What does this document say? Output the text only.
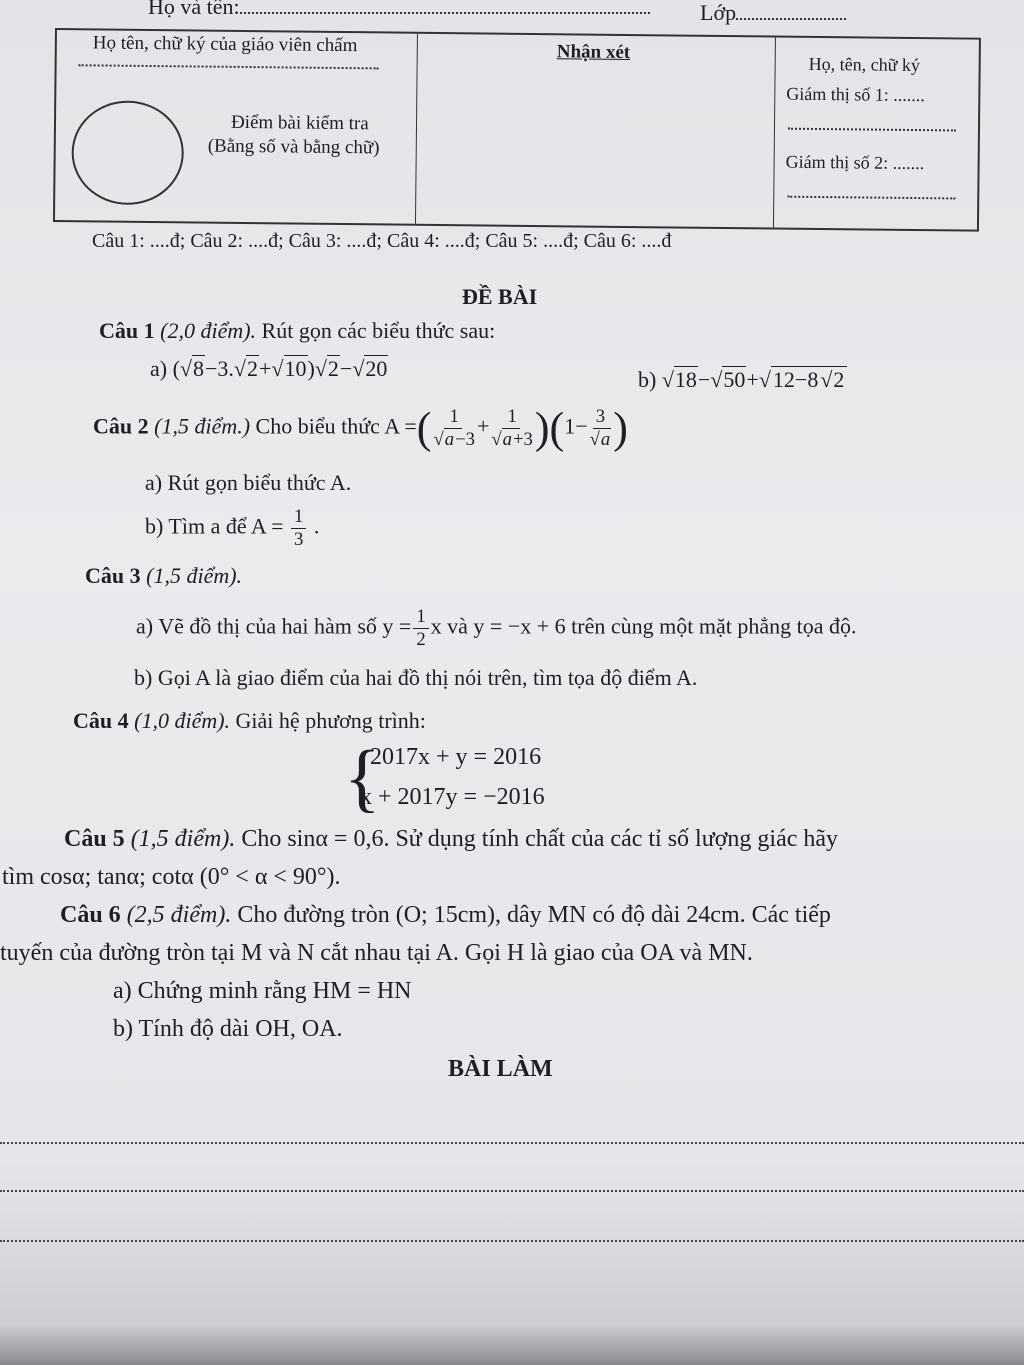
Họ và tên:	Lớp
Họ tên, chữ ký của giáo viên chấm
Điểm bài kiểm tra
(Bằng số và bằng chữ)
Nhận xét
Họ, tên, chữ ký
Giám thị số 1: .......
Giám thị số 2: .......
Câu 1: ....đ; Câu 2: ....đ; Câu 3: ....đ; Câu 4: ....đ; Câu 5: ....đ; Câu 6: ....đ
ĐỀ BÀI
Câu 1 (2,0 điểm). Rút gọn các biểu thức sau:
a) ( √ 8−3. √ 2+ √ 10) √ 2− √ 20	b) √ 18− √ 50+ √ 12−8 √ 2
Câu 2 (1,5 điểm.) Cho biểu thức A =( 1
√ a−3 + 1
√ a+3 )(1− 3
√ a )
a) Rút gọn biểu thức A.
b) Tìm a để $A = \frac{1}{3}$ .
Câu 3 (1,5 điểm).
a) Vẽ đồ thị của hai hàm số $y = \frac{1}{2}$ x và y = −x + 6 trên cùng một mặt phẳng tọa độ.
b) Gọi A là giao điểm của hai đồ thị nói trên, tìm tọa độ điểm A.
Câu 4 (1,0 điểm). Giải hệ phương trình:
{
2017x + y = 2016
x + 2017y = −2016
Câu 5 (1,5 điểm). Cho sinα = 0,6. Sử dụng tính chất của các tỉ số lượng giác hãy
tìm cosα; tanα; cotα (0° < α < 90°).
Câu 6 (2,5 điểm). Cho đường tròn (O; 15cm), dây MN có độ dài 24cm. Các tiếp
tuyến của đường tròn tại M và N cắt nhau tại A. Gọi H là giao của OA và MN.
a) Chứng minh rằng HM = HN
b) Tính độ dài OH, OA.
BÀI LÀM
